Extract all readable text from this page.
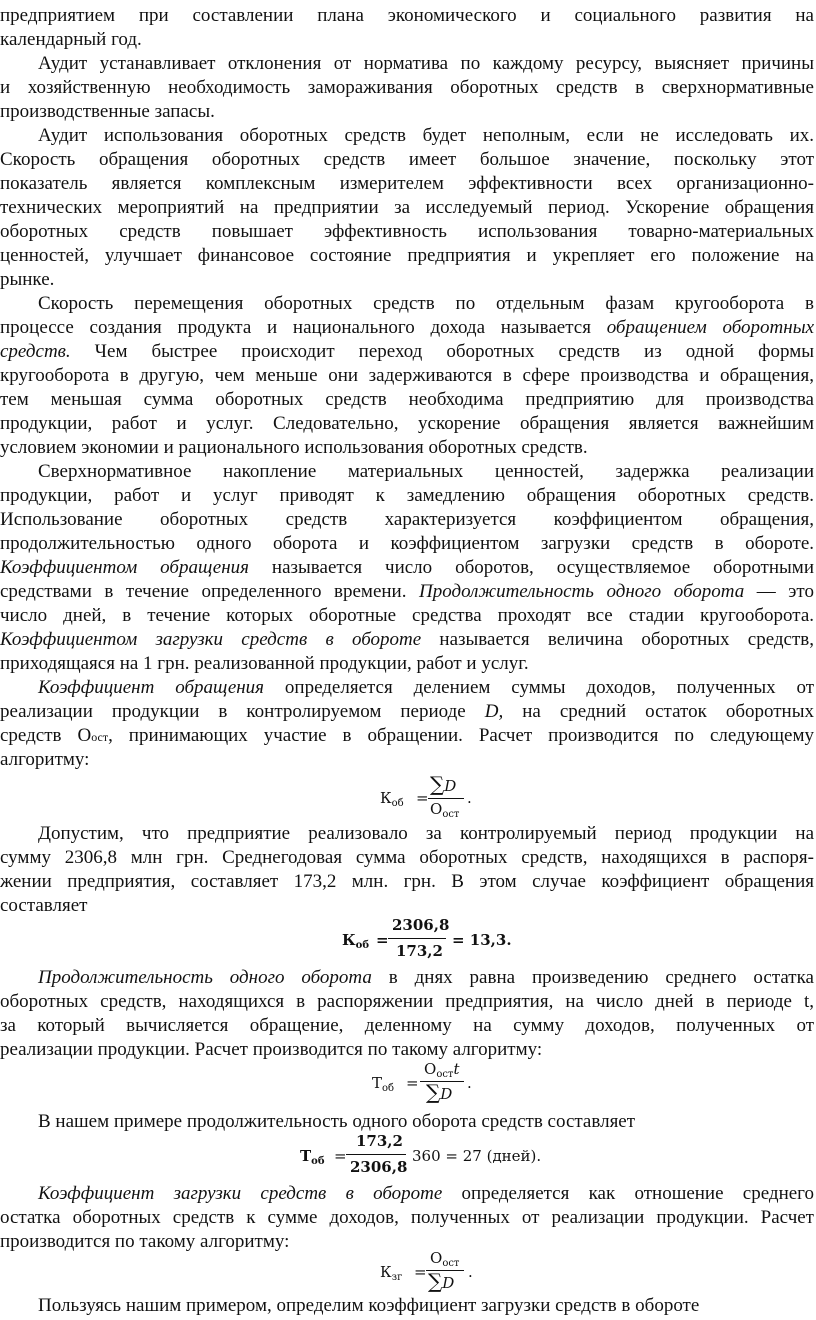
предприятием при составлении плана экономического и социального развития на
календарный год.
Аудит устанавливает отклонения от норматива по каждому ресурсу, выясняет причины
и хозяйственную необходимость замораживания оборотных средств в сверхнормативные
производственные запасы.
Аудит использования оборотных средств будет неполным, если не исследовать их.
Скорость обращения оборотных средств имеет большое значение, поскольку этот
показатель является комплексным измерителем эффективности всех организационно-
технических мероприятий на предприятии за исследуемый период. Ускорение обращения
оборотных средств повышает эффективность использования товарно-материальных
ценностей, улучшает финансовое состояние предприятия и укрепляет его положение на
рынке.
Скорость перемещения оборотных средств по отдельным фазам кругооборота в
процессе создания продукта и национального дохода называется обращением оборотных
средств. Чем быстрее происходит переход оборотных средств из одной формы
кругооборота в другую, чем меньше они задерживаются в сфере производства и обращения,
тем меньшая сумма оборотных средств необходима предприятию для производства
продукции, работ и услуг. Следовательно, ускорение обращения является важнейшим
условием экономии и рационального использования оборотных средств.
Сверхнормативное накопление материальных ценностей, задержка реализации
продукции, работ и услуг приводят к замедлению обращения оборотных средств.
Использование оборотных средств характеризуется коэффициентом обращения,
продолжительностью одного оборота и коэффициентом загрузки средств в обороте.
Коэффициентом обращения называется число оборотов, осуществляемое оборотными
средствами в течение определенного времени. Продолжительность одного оборота — это
число дней, в течение которых оборотные средства проходят все стадии кругооборота.
Коэффициентом загрузки средств в обороте называется величина оборотных средств,
приходящаяся на 1 грн. реализованной продукции, работ и услуг.
Коэффициент обращения определяется делением суммы доходов, полученных от
реализации продукции в контролируемом периоде D, на средний остаток оборотных
средств Оост, принимающих участие в обращении. Расчет производится по следующему
алгоритму:
$К_{об}$ =
∑D
$О_{ост}$
.
Допустим, что предприятие реализовало за контролируемый период продукции на
сумму 2306,8 млн грн. Среднегодовая сумма оборотных средств, находящихся в распоря-
жении предприятия, составляет 173,2 млн. грн. В этом случае коэффициент обращения
составляет
$К_{об}$ =
2306,8
173,2
= 13,3.
Продолжительность одного оборота в днях равна произведению среднего остатка
оборотных средств, находящихся в распоряжении предприятия, на число дней в периоде t,
за который вычисляется обращение, деленному на сумму доходов, полученных от
реализации продукции. Расчет производится по такому алгоритму:
$Т_{об}$ =
$О_{ост}t$
∑D
.
В нашем примере продолжительность одного оборота средств составляет
$Т_{об}$ =
173,2
2306,8
360 = 27 (дней).
Коэффициент загрузки средств в обороте определяется как отношение среднего
остатка оборотных средств к сумме доходов, полученных от реализации продукции. Расчет
производится по такому алгоритму:
$К_{зг}$ =
$О_{ост}$
∑D
.
Пользуясь нашим примером, определим коэффициент загрузки средств в обороте
